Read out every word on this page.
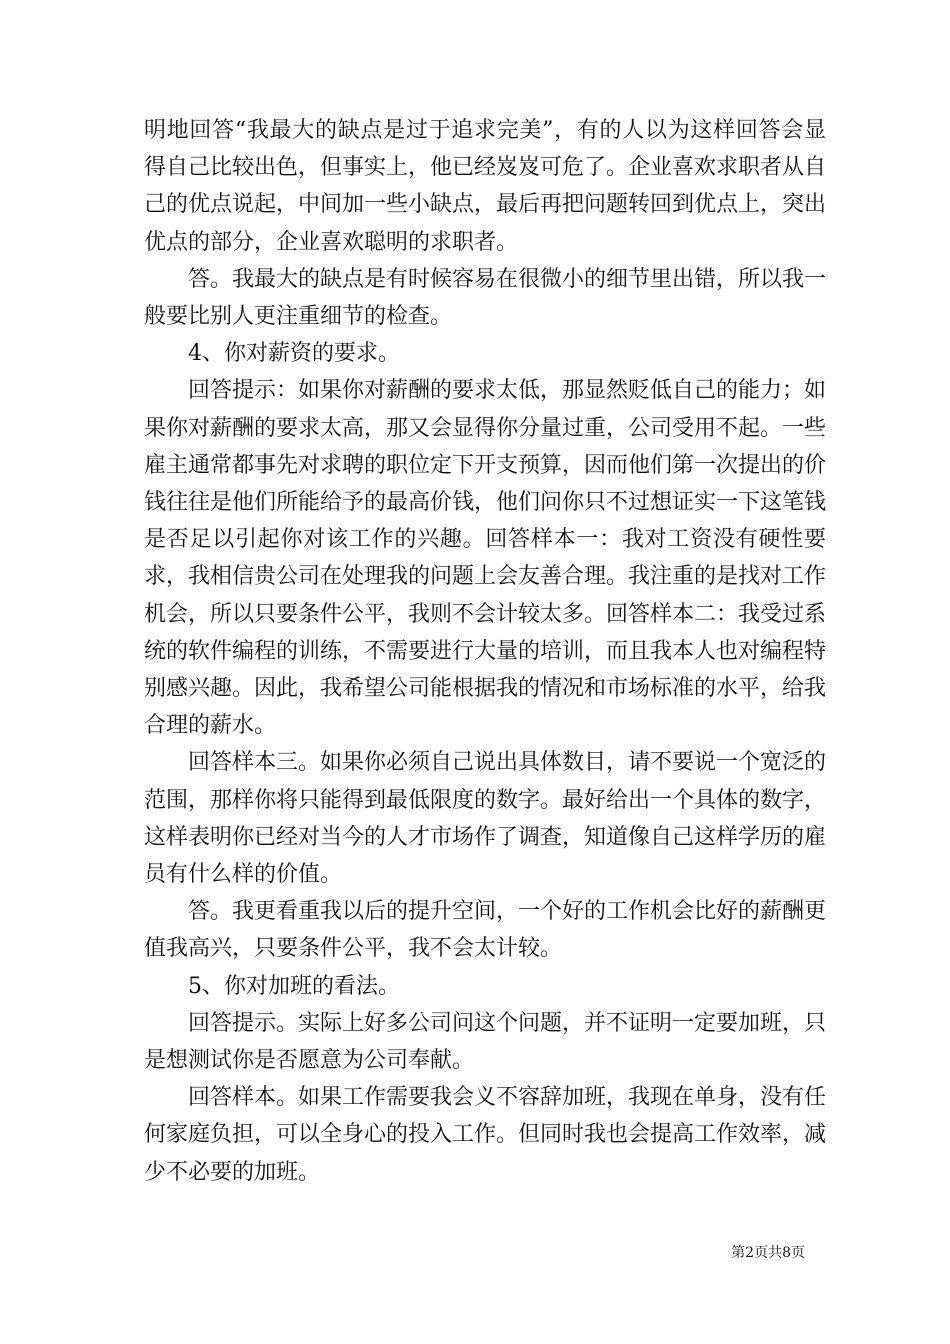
明地回答“我最大的缺点是过于追求完美”，有的人以为这样回答会显得自己比较出色，但事实上，他已经岌岌可危了。企业喜欢求职者从自己的优点说起，中间加一些小缺点，最后再把问题转回到优点上，突出优点的部分，企业喜欢聪明的求职者。

答。我最大的缺点是有时候容易在很微小的细节里出错，所以我一般要比别人更注重细节的检查。

4、你对薪资的要求。

回答提示：如果你对薪酬的要求太低，那显然贬低自己的能力；如果你对薪酬的要求太高，那又会显得你分量过重，公司受用不起。一些雇主通常都事先对求聘的职位定下开支预算，因而他们第一次提出的价钱往往是他们所能给予的最高价钱，他们问你只不过想证实一下这笔钱是否足以引起你对该工作的兴趣。回答样本一：我对工资没有硬性要求，我相信贵公司在处理我的问题上会友善合理。我注重的是找对工作机会，所以只要条件公平，我则不会计较太多。回答样本二：我受过系统的软件编程的训练，不需要进行大量的培训，而且我本人也对编程特别感兴趣。因此，我希望公司能根据我的情况和市场标准的水平，给我合理的薪水。

回答样本三。如果你必须自己说出具体数目，请不要说一个宽泛的范围，那样你将只能得到最低限度的数字。最好给出一个具体的数字，这样表明你已经对当今的人才市场作了调查，知道像自己这样学历的雇员有什么样的价值。

答。我更看重我以后的提升空间，一个好的工作机会比好的薪酬更值我高兴，只要条件公平，我不会太计较。

5、你对加班的看法。

回答提示。实际上好多公司问这个问题，并不证明一定要加班，只是想测试你是否愿意为公司奉献。

回答样本。如果工作需要我会义不容辞加班，我现在单身，没有任何家庭负担，可以全身心的投入工作。但同时我也会提高工作效率，减少不必要的加班。

第2页共8页
